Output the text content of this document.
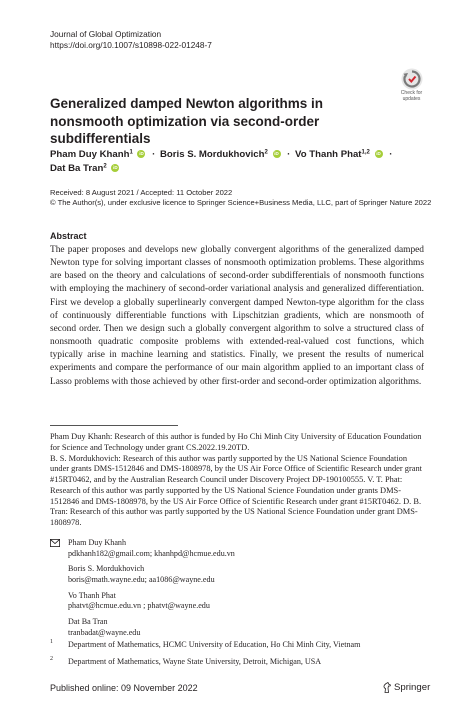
Journal of Global Optimization
https://doi.org/10.1007/s10898-022-01248-7
Check for
updates
Generalized damped Newton algorithms in nonsmooth optimization via second-order subdifferentials
Pham Duy Khanh$^1$	iD · Boris S. Mordukhovich$^2$	iD · Vo Thanh Phat$^{1,2}$	iD ·
Dat Ba Tran$^2$	iD
Received: 8 August 2021 / Accepted: 11 October 2022
© The Author(s), under exclusive licence to Springer Science+Business Media, LLC, part of Springer Nature 2022
Abstract
The paper proposes and develops new globally convergent algorithms of the generalized damped Newton type for solving important classes of nonsmooth optimization problems. These algorithms are based on the theory and calculations of second-order subdifferentials of nonsmooth functions with employing the machinery of second-order variational analysis and generalized differentiation. First we develop a globally superlinearly convergent damped Newton-type algorithm for the class of continuously differentiable functions with Lipschitzian gradients, which are nonsmooth of second order. Then we design such a globally convergent algorithm to solve a structured class of nonsmooth quadratic composite problems with extended-real-valued cost functions, which typically arise in machine learning and statistics. Finally, we present the results of numerical experiments and compare the performance of our main algorithm applied to an important class of Lasso problems with those achieved by other first-order and second-order optimization algorithms.

Pham Duy Khanh: Research of this author is funded by Ho Chi Minh City University of Education Foundation for Science and Technology under grant CS.2022.19.20TD.

B. S. Mordukhovich: Research of this author was partly supported by the US National Science Foundation under grants DMS-1512846 and DMS-1808978, by the US Air Force Office of Scientific Research under grant #15RT0462, and by the Australian Research Council under Discovery Project DP-190100555. V. T. Phat: Research of this author was partly supported by the US National Science Foundation under grants DMS-1512846 and DMS-1808978, by the US Air Force Office of Scientific Research under grant #15RT0462. D. B. Tran: Research of this author was partly supported by the US National Science Foundation under grant DMS-1808978.

Pham Duy Khanh
pdkhanh182@gmail.com; khanhpd@hcmue.edu.vn
Boris S. Mordukhovich
boris@math.wayne.edu; aa1086@wayne.edu
Vo Thanh Phat
phatvt@hcmue.edu.vn ; phatvt@wayne.edu
Dat Ba Tran
tranbadat@wayne.edu
1 Department of Mathematics, HCMC University of Education, Ho Chi Minh City, Vietnam
2 Department of Mathematics, Wayne State University, Detroit, Michigan, USA
Published online: 09 November 2022	Springer
